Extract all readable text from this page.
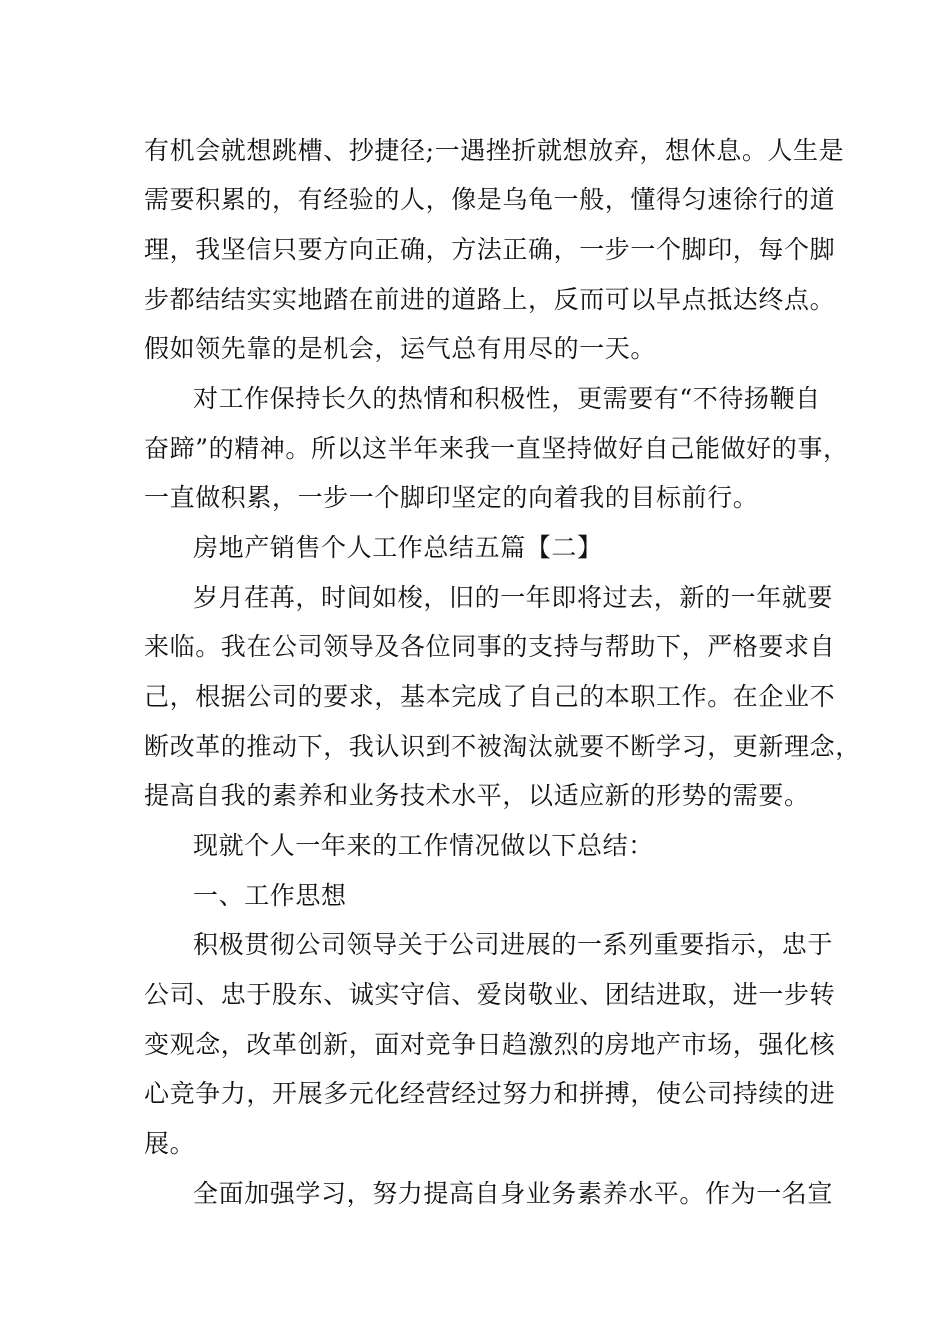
有机会就想跳槽、抄捷径;一遇挫折就想放弃，想休息。人生是
需要积累的，有经验的人，像是乌龟一般，懂得匀速徐行的道
理，我坚信只要方向正确，方法正确，一步一个脚印，每个脚
步都结结实实地踏在前进的道路上，反而可以早点抵达终点。
假如领先靠的是机会，运气总有用尽的一天。
对工作保持长久的热情和积极性，更需要有“不待扬鞭自
奋蹄”的精神。所以这半年来我一直坚持做好自己能做好的事，
一直做积累，一步一个脚印坚定的向着我的目标前行。
房地产销售个人工作总结五篇【二】
岁月荏苒，时间如梭，旧的一年即将过去，新的一年就要
来临。我在公司领导及各位同事的支持与帮助下，严格要求自
己，根据公司的要求，基本完成了自己的本职工作。在企业不
断改革的推动下，我认识到不被淘汰就要不断学习，更新理念，
提高自我的素养和业务技术水平，以适应新的形势的需要。
现就个人一年来的工作情况做以下总结：
一、工作思想
积极贯彻公司领导关于公司进展的一系列重要指示，忠于
公司、忠于股东、诚实守信、爱岗敬业、团结进取，进一步转
变观念，改革创新，面对竞争日趋激烈的房地产市场，强化核
心竞争力，开展多元化经营经过努力和拼搏，使公司持续的进
展。
全面加强学习，努力提高自身业务素养水平。作为一名宣
